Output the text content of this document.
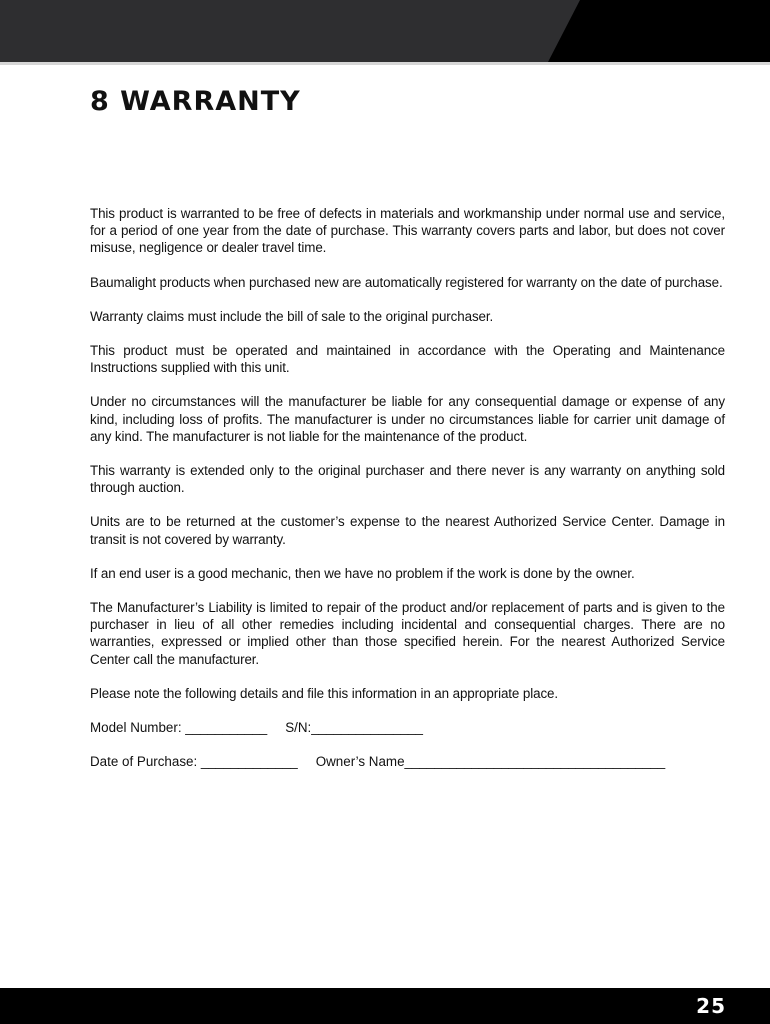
8 WARRANTY

This product is warranted to be free of defects in materials and workmanship under normal use and service, for a period of one year from the date of purchase. This warranty covers parts and labor, but does not cover misuse, negligence or dealer travel time.

Baumalight products when purchased new are automatically registered for warranty on the date of purchase.

Warranty claims must include the bill of sale to the original purchaser.

This product must be operated and maintained in accordance with the Operating and Maintenance Instructions supplied with this unit.

Under no circumstances will the manufacturer be liable for any consequential damage or expense of any kind, including loss of profits. The manufacturer is under no circumstances liable for carrier unit damage of any kind. The manufacturer is not liable for the maintenance of the product.

This warranty is extended only to the original purchaser and there never is any warranty on anything sold through auction.

Units are to be returned at the customer’s expense to the nearest Authorized Service Center. Damage in transit is not covered by warranty.

If an end user is a good mechanic, then we have no problem if the work is done by the owner.

The Manufacturer’s Liability is limited to repair of the product and/or replacement of parts and is given to the purchaser in lieu of all other remedies including incidental and consequential charges. There are no warranties, expressed or implied other than those specified herein. For the nearest Authorized Service Center call the manufacturer.

Please note the following details and file this information in an appropriate place.

Model Number: ___________ S/N:_______________
Date of Purchase: _____________ Owner’s Name___________________________________
25
